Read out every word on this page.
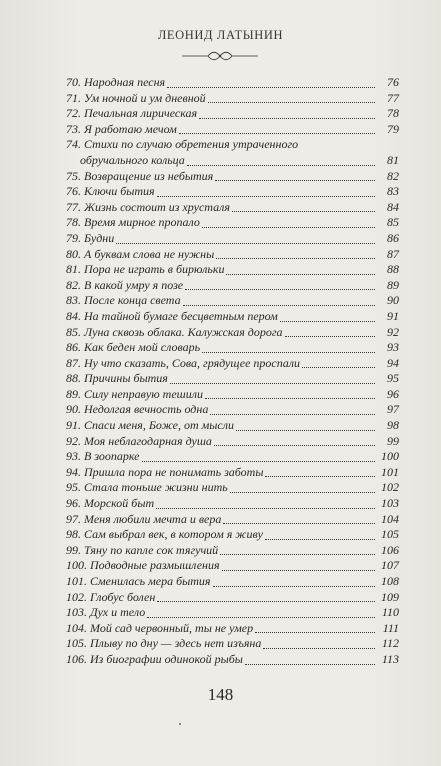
ЛЕОНИД ЛАТЫНИН
70. Народная песня	76
71. Ум ночной и ум дневной	77
72. Печальная лирическая	78
73. Я работаю мечом	79
74. Стихи по случаю обретения утраченного
обручального кольца	81
75. Возвращение из небытия	82
76. Ключи бытия	83
77. Жизнь состоит из хрусталя	84
78. Время мирное пропало	85
79. Будни	86
80. А буквам слова не нужны	87
81. Пора не играть в бирюльки	88
82. В какой умру я позе	89
83. После конца света	90
84. На тайной бумаге бесцветным пером	91
85. Луна сквозь облака. Калужская дорога	92
86. Как беден мой словарь	93
87. Ну что сказать, Сова, грядущее проспали	94
88. Причины бытия	95
89. Силу неправую тешили	96
90. Недолгая вечность одна	97
91. Спаси меня, Боже, от мысли	98
92. Моя неблагодарная душа	99
93. В зоопарке	100
94. Пришла пора не понимать заботы	101
95. Стала тоньше жизни нить	102
96. Морской быт	103
97. Меня любили мечта и вера	104
98. Сам выбрал век, в котором я живу	105
99. Тяну по капле сок тягучий	106
100. Подводные размышления	107
101. Сменилась мера бытия	108
102. Глобус болен	109
103. Дух и тело	110
104. Мой сад червонный, ты не умер	111
105. Плыву по дну — здесь нет изъяна	112
106. Из биографии одинокой рыбы	113
148
